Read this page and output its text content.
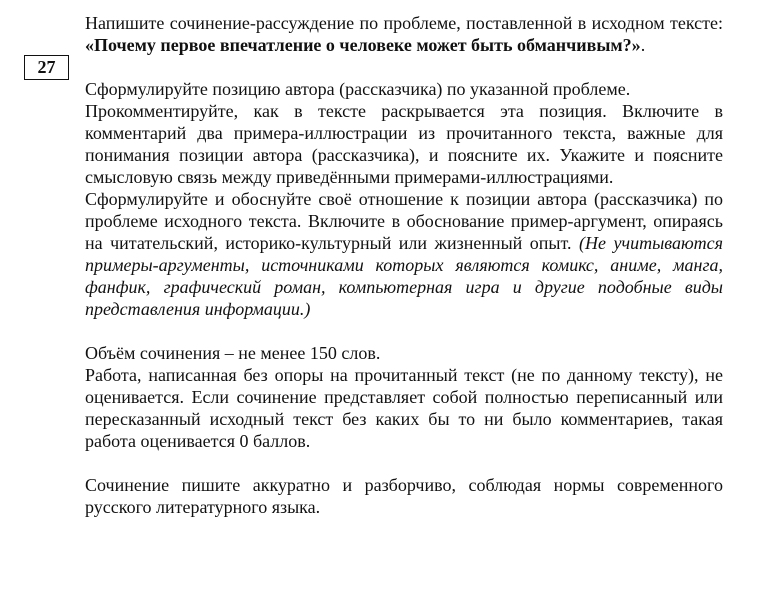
27

Напишите сочинение-рассуждение по проблеме, поставленной в исходном тексте: «Почему первое впечатление о человеке может быть обманчивым?».

Сформулируйте позицию автора (рассказчика) по указанной проблеме.

Прокомментируйте, как в тексте раскрывается эта позиция. Включите в комментарий два примера-иллюстрации из прочитанного текста, важные для понимания позиции автора (рассказчика), и поясните их. Укажите и поясните смысловую связь между приведёнными примерами-иллюстрациями.

Сформулируйте и обоснуйте своё отношение к позиции автора (рассказчика) по проблеме исходного текста. Включите в обоснование пример-аргумент, опираясь на читательский, историко-культурный или жизненный опыт. (Не учитываются примеры-аргументы, источниками которых являются комикс, аниме, манга, фанфик, графический роман, компьютерная игра и другие подобные виды представления информации.)

Объём сочинения – не менее 150 слов.

Работа, написанная без опоры на прочитанный текст (не по данному тексту), не оценивается. Если сочинение представляет собой полностью переписанный или пересказанный исходный текст без каких бы то ни было комментариев, такая работа оценивается 0 баллов.

Сочинение пишите аккуратно и разборчиво, соблюдая нормы современного русского литературного языка.
